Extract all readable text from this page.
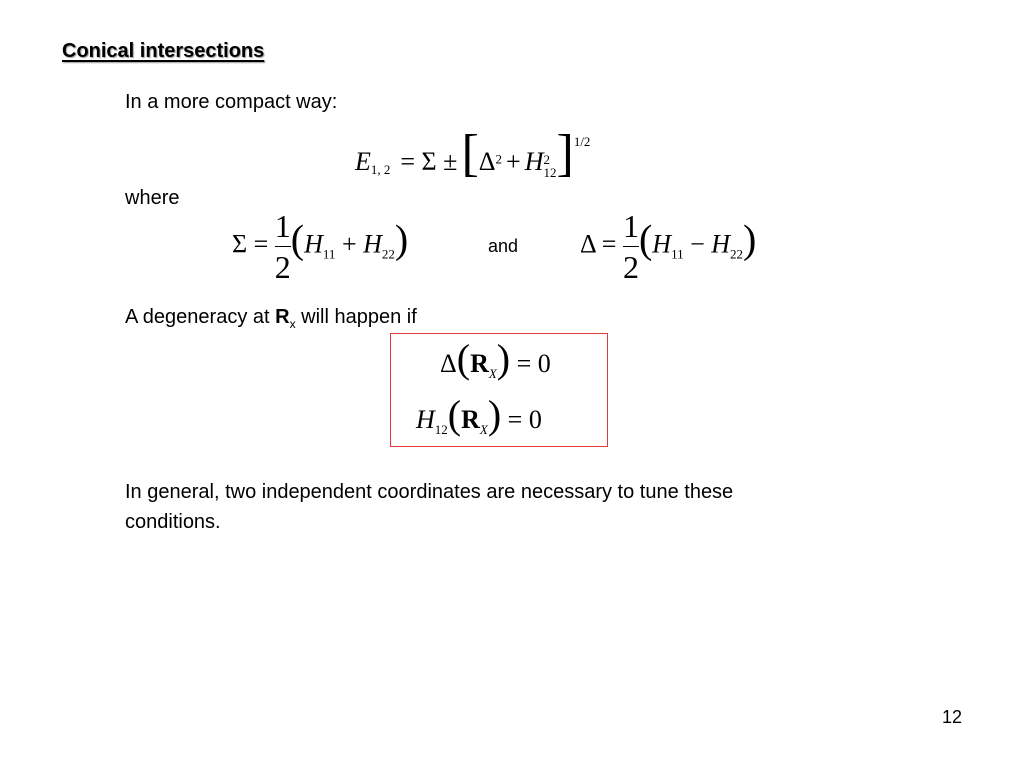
Conical intersections
In a more compact way:
$E_{1, 2} = \Sigma \pm [\Delta^2 + H$ 2
12 ]$^{1/2}$
where
$\Sigma = \frac{1}{2} (H_{11} + H_{22})$	and $\Delta = \frac{1}{2} (H_{11} - H_{22})$
A degeneracy at $R_x$ will happen if
$\Delta(R_X) = 0$
$H_{12}(R_X) = 0$
In general, two independent coordinates are necessary to tune these
conditions.
12
